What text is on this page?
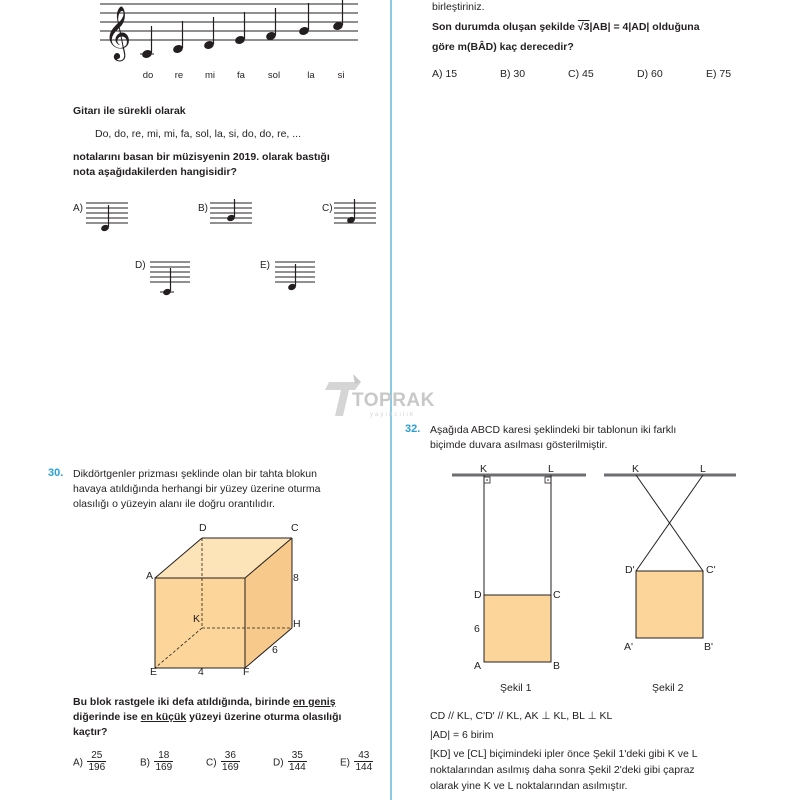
𝄞
do	re	mi	fa	sol	la	si
Gitarı ile sürekli olarak
Do, do, re, mi, mi, fa, sol, la, si, do, do, re, ...
notalarını basan bir müzisyenin 2019. olarak bastığı
nota aşağıdakilerden hangisidir?
A)	B)	C)
D)	E)
birleştiriniz.
Son durumda oluşan şekilde √3|AB| = 4|AD| olduğuna
göre m(BÂD) kaç derecedir?
A) 15	B) 30	C) 45	D) 60	E) 75
TOPRAK
yayıncılık
30. Dikdörtgenler prizması şeklinde olan bir tahta blokun
havaya atıldığında herhangi bir yüzey üzerine oturma
olasılığı o yüzeyin alanı ile doğru orantılıdır.
D	C
A	8
K	H
6
E	4	F
Bu blok rastgele iki defa atıldığında, birinde en geniş
diğerinde ise en küçük yüzeyi üzerine oturma olasılığı
kaçtır?
$A) \frac{25}{196}$	$B) \frac{18}{169}$	$C) \frac{36}{169}$	$D) \frac{35}{144}$	$E) \frac{43}{144}$
32. Aşağıda ABCD karesi şeklindeki bir tablonun iki farklı
biçimde duvara asılması gösterilmiştir.
K	L
D	C
6
A	B
Şekil 1
K	L
D'	C'
A'	B'
Şekil 2
CD // KL, C'D' // KL, AK ⊥ KL, BL ⊥ KL
|AD| = 6 birim
[KD] ve [CL] biçimindeki ipler önce Şekil 1'deki gibi K ve L
noktalarından asılmış daha sonra Şekil 2'deki gibi çapraz
olarak yine K ve L noktalarından asılmıştır.
